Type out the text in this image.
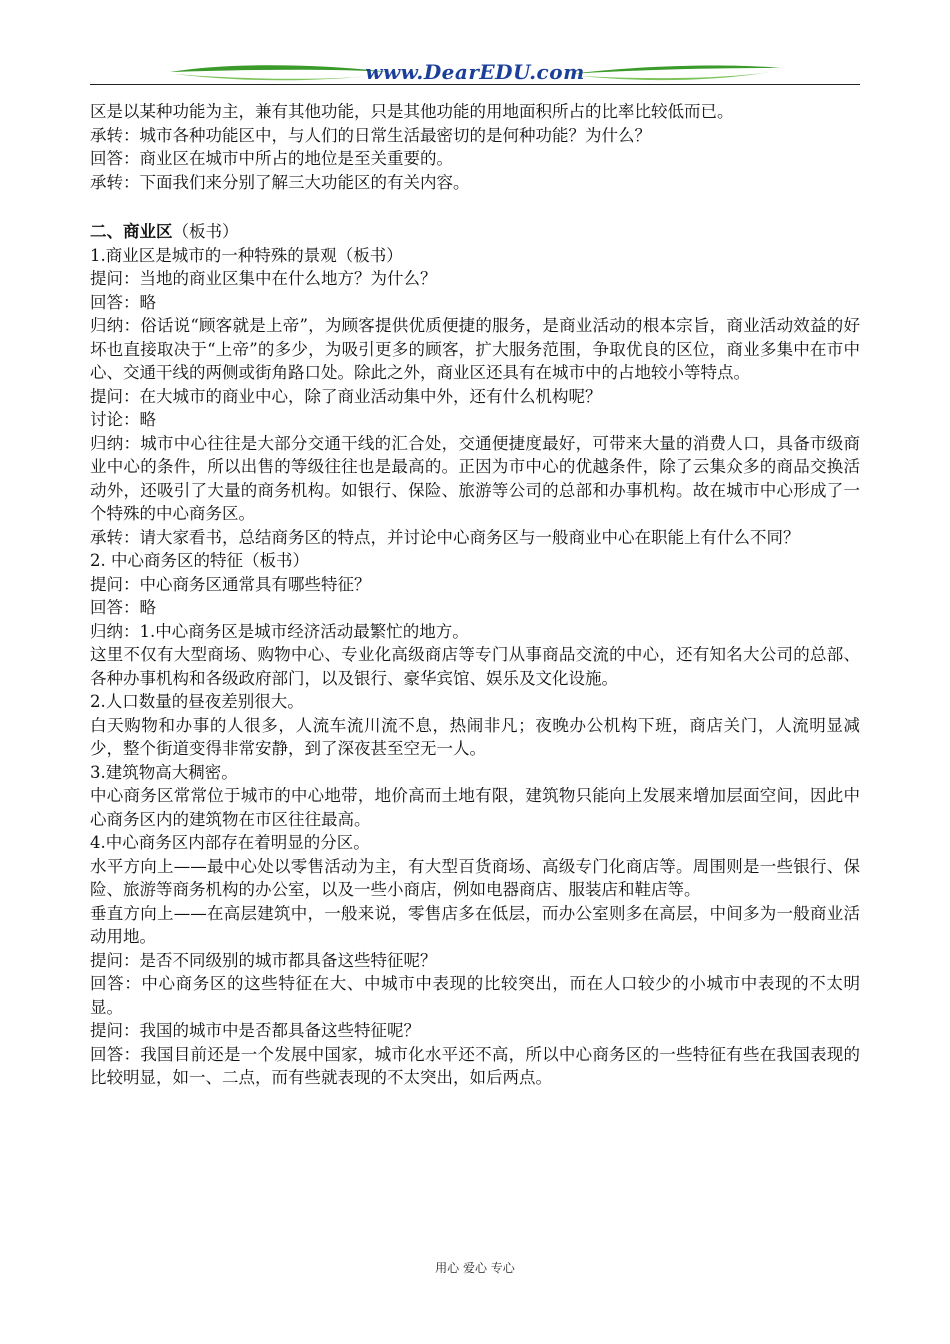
www.DearEDU.com

区是以某种功能为主，兼有其他功能，只是其他功能的用地面积所占的比率比较低而已。

承转：城市各种功能区中，与人们的日常生活最密切的是何种功能？为什么？

回答：商业区在城市中所占的地位是至关重要的。

承转：下面我们来分别了解三大功能区的有关内容。

二、商业区（板书）

1.商业区是城市的一种特殊的景观（板书）

提问：当地的商业区集中在什么地方？为什么？

回答：略

归纳：俗话说“顾客就是上帝”，为顾客提供优质便捷的服务，是商业活动的根本宗旨，商业活动效益的好坏也直接取决于“上帝”的多少，为吸引更多的顾客，扩大服务范围，争取优良的区位，商业多集中在市中心、交通干线的两侧或街角路口处。除此之外，商业区还具有在城市中的占地较小等特点。

提问：在大城市的商业中心，除了商业活动集中外，还有什么机构呢？

讨论：略

归纳：城市中心往往是大部分交通干线的汇合处，交通便捷度最好，可带来大量的消费人口，具备市级商业中心的条件，所以出售的等级往往也是最高的。正因为市中心的优越条件，除了云集众多的商品交换活动外，还吸引了大量的商务机构。如银行、保险、旅游等公司的总部和办事机构。故在城市中心形成了一个特殊的中心商务区。

承转：请大家看书，总结商务区的特点，并讨论中心商务区与一般商业中心在职能上有什么不同？

2. 中心商务区的特征（板书）

提问：中心商务区通常具有哪些特征？

回答：略

归纳：1.中心商务区是城市经济活动最繁忙的地方。

这里不仅有大型商场、购物中心、专业化高级商店等专门从事商品交流的中心，还有知名大公司的总部、各种办事机构和各级政府部门，以及银行、豪华宾馆、娱乐及文化设施。

2.人口数量的昼夜差别很大。

白天购物和办事的人很多，人流车流川流不息，热闹非凡；夜晚办公机构下班，商店关门，人流明显减少，整个街道变得非常安静，到了深夜甚至空无一人。

3.建筑物高大稠密。

中心商务区常常位于城市的中心地带，地价高而土地有限，建筑物只能向上发展来增加层面空间，因此中心商务区内的建筑物在市区往往最高。

4.中心商务区内部存在着明显的分区。

水平方向上——最中心处以零售活动为主，有大型百货商场、高级专门化商店等。周围则是一些银行、保险、旅游等商务机构的办公室，以及一些小商店，例如电器商店、服装店和鞋店等。

垂直方向上——在高层建筑中，一般来说，零售店多在低层，而办公室则多在高层，中间多为一般商业活动用地。

提问：是否不同级别的城市都具备这些特征呢？

回答：中心商务区的这些特征在大、中城市中表现的比较突出，而在人口较少的小城市中表现的不太明显。

提问：我国的城市中是否都具备这些特征呢？

回答：我国目前还是一个发展中国家，城市化水平还不高，所以中心商务区的一些特征有些在我国表现的比较明显，如一、二点，而有些就表现的不太突出，如后两点。

用心 爱心 专心
